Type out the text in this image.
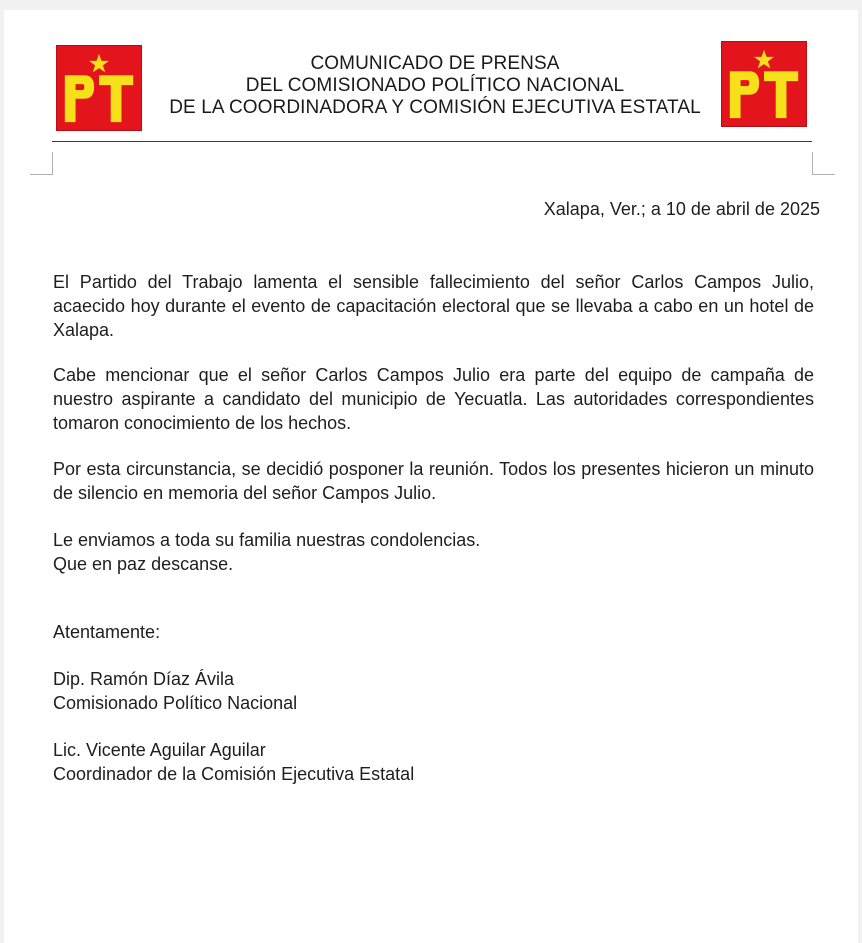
COMUNICADO DE PRENSA
DEL COMISIONADO POLÍTICO NACIONAL
DE LA COORDINADORA Y COMISIÓN EJECUTIVA ESTATAL
Xalapa, Ver.; a 10 de abril de 2025
El Partido del Trabajo lamenta el sensible fallecimiento del señor Carlos Campos Julio, acaecido hoy durante el evento de capacitación electoral que se llevaba a cabo en un hotel de Xalapa.
Cabe mencionar que el señor Carlos Campos Julio era parte del equipo de campaña de nuestro aspirante a candidato del municipio de Yecuatla. Las autoridades correspondientes tomaron conocimiento de los hechos.
Por esta circunstancia, se decidió posponer la reunión. Todos los presentes hicieron un minuto de silencio en memoria del señor Campos Julio.
Le enviamos a toda su familia nuestras condolencias.
Que en paz descanse.
Atentamente:
Dip. Ramón Díaz Ávila
Comisionado Político Nacional
Lic. Vicente Aguilar Aguilar
Coordinador de la Comisión Ejecutiva Estatal
